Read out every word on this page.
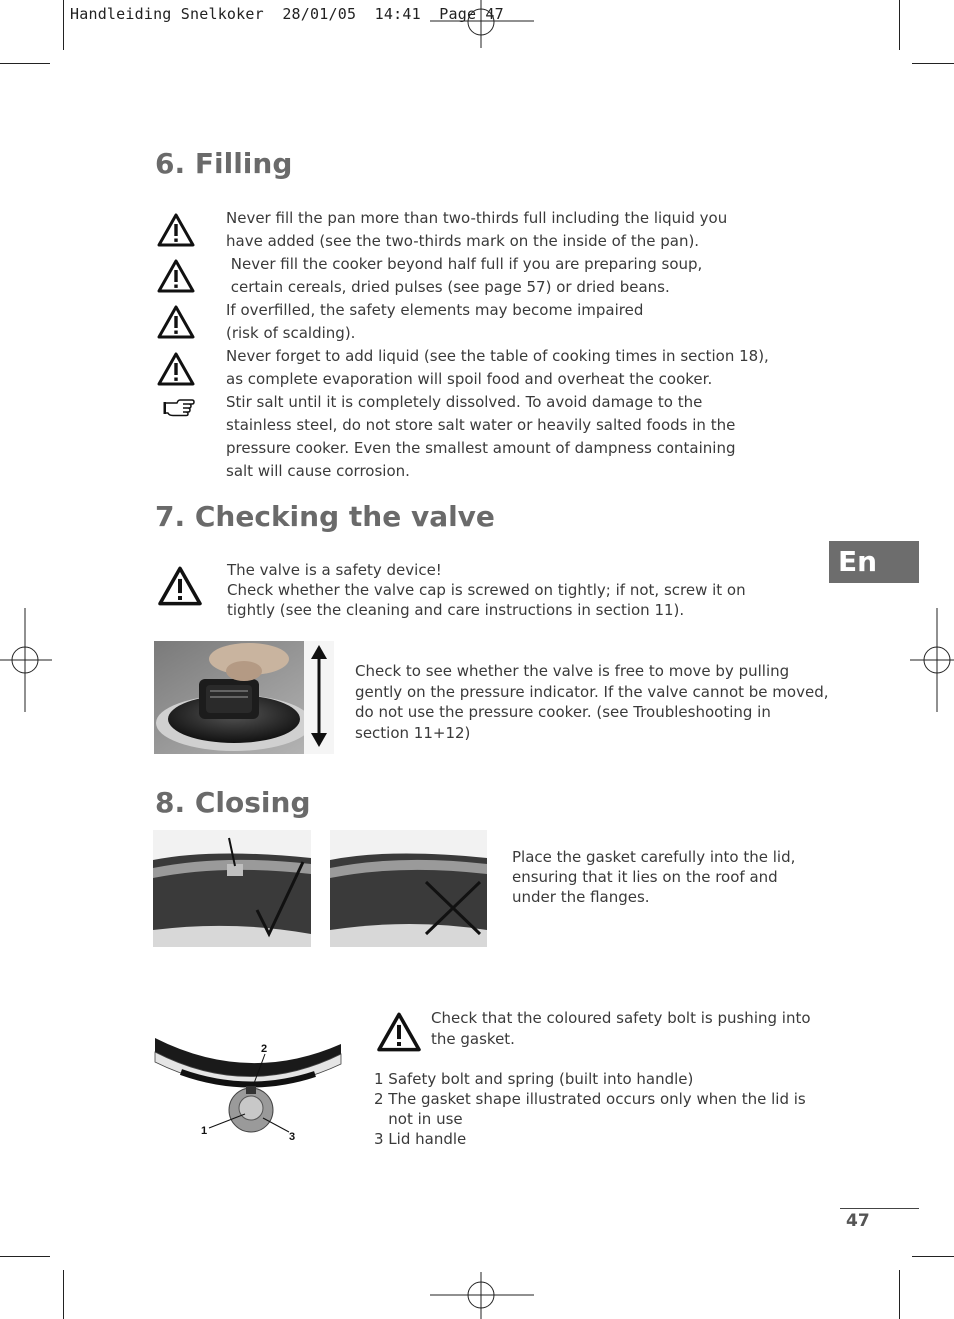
Handleiding Snelkoker 28/01/05 14:41 Page 47
6. Filling
Never fill the pan more than two-thirds full including the liquid you
have added (see the two-thirds mark on the inside of the pan).
Never fill the cooker beyond half full if you are preparing soup,
certain cereals, dried pulses (see page 57) or dried beans.
If overfilled, the safety elements may become impaired
(risk of scalding).
Never forget to add liquid (see the table of cooking times in section 18),
as complete evaporation will spoil food and overheat the cooker.
Stir salt until it is completely dissolved. To avoid damage to the
stainless steel, do not store salt water or heavily salted foods in the
pressure cooker. Even the smallest amount of dampness containing
salt will cause corrosion.
7. Checking the valve
The valve is a safety device!
Check whether the valve cap is screwed on tightly; if not, screw it on
tightly (see the cleaning and care instructions in section 11).
En
Check to see whether the valve is free to move by pulling
gently on the pressure indicator. If the valve cannot be moved,
do not use the pressure cooker. (see Troubleshooting in
section 11+12)
8. Closing
Place the gasket carefully into the lid,
ensuring that it lies on the roof and
under the flanges.
2
1	3
Check that the coloured safety bolt is pushing into
the gasket.
1 Safety bolt and spring (built into handle)
2 The gasket shape illustrated occurs only when the lid is
not in use
3 Lid handle
47
